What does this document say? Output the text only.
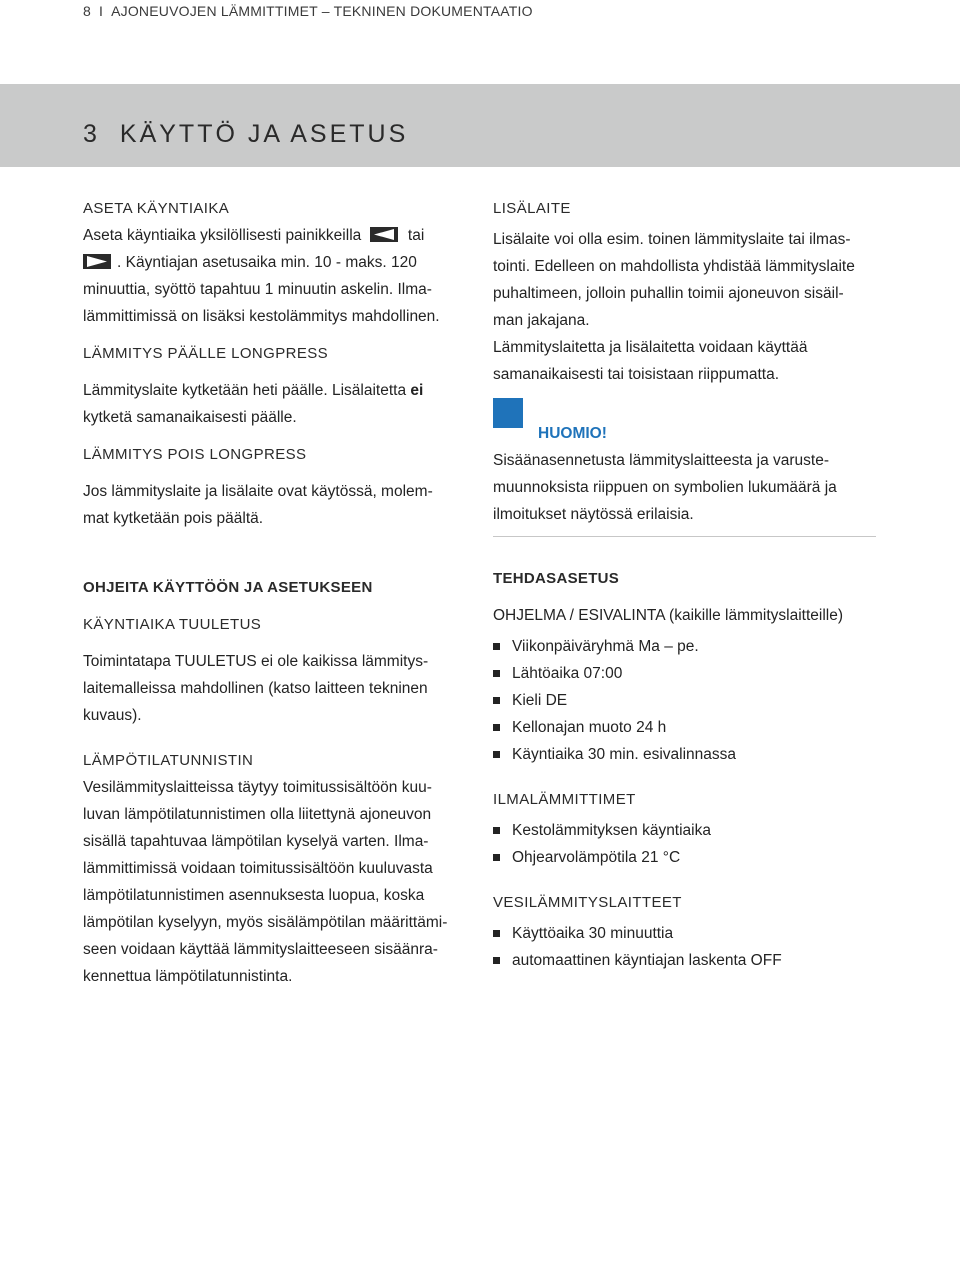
8 I AJONEUVOJEN LÄMMITTIMET – TEKNINEN DOKUMENTAATIO
3 KÄYTTÖ JA ASETUS

ASETA KÄYNTIAIKA

Aseta käyntiaika yksilöllisesti painikkeilla	tai

. Käyntiajan asetusaika min. 10 - maks. 120

minuuttia, syöttö tapahtuu 1 minuutin askelin. Ilma-

lämmittimissä on lisäksi kestolämmitys mahdollinen.

LÄMMITYS PÄÄLLE LONGPRESS

Lämmityslaite kytketään heti päälle. Lisälaitetta ei

kytketä samanaikaisesti päälle.

LÄMMITYS POIS LONGPRESS

Jos lämmityslaite ja lisälaite ovat käytössä, molem-

mat kytketään pois päältä.

OHJEITA KÄYTTÖÖN JA ASETUKSEEN

KÄYNTIAIKA TUULETUS

Toimintatapa TUULETUS ei ole kaikissa lämmitys-

laitemalleissa mahdollinen (katso laitteen tekninen

kuvaus).

LÄMPÖTILATUNNISTIN

Vesilämmityslaitteissa täytyy toimitussisältöön kuu-

luvan lämpötilatunnistimen olla liitettynä ajoneuvon

sisällä tapahtuvaa lämpötilan kyselyä varten. Ilma-

lämmittimissä voidaan toimitussisältöön kuuluvasta

lämpötilatunnistimen asennuksesta luopua, koska

lämpötilan kyselyyn, myös sisälämpötilan määrittämi-

seen voidaan käyttää lämmityslaitteeseen sisäänra-

kennettua lämpötilatunnistinta.

LISÄLAITE

Lisälaite voi olla esim. toinen lämmityslaite tai ilmas-

tointi. Edelleen on mahdollista yhdistää lämmityslaite

puhaltimeen, jolloin puhallin toimii ajoneuvon sisäil-

man jakajana.

Lämmityslaitetta ja lisälaitetta voidaan käyttää

samanaikaisesti tai toisistaan riippumatta.

HUOMIO!

Sisäänasennetusta lämmityslaitteesta ja varuste-

muunnoksista riippuen on symbolien lukumäärä ja

ilmoitukset näytössä erilaisia.

TEHDASASETUS

OHJELMA / ESIVALINTA (kaikille lämmityslaitteille)

Viikonpäiväryhmä Ma – pe.
Lähtöaika 07:00
Kieli DE
Kellonajan muoto 24 h
Käyntiaika 30 min. esivalinnassa

ILMALÄMMITTIMET

Kestolämmityksen käyntiaika
Ohjearvolämpötila 21 °C

VESILÄMMITYSLAITTEET

Käyttöaika 30 minuuttia
automaattinen käyntiajan laskenta OFF
